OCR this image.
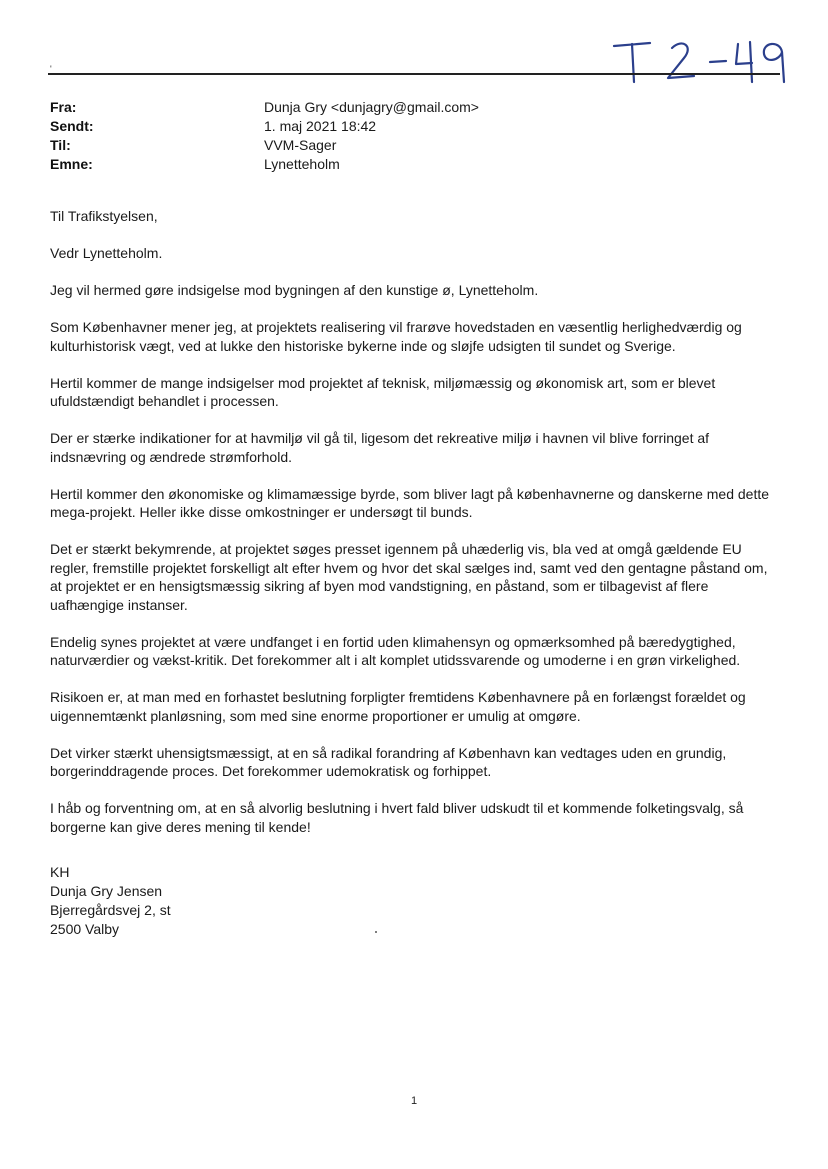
'
Fra:	Dunja Gry <dunjagry@gmail.com>
Sendt:	1. maj 2021 18:42
Til:	VVM-Sager
Emne:	Lynetteholm

Til Trafikstyelsen,

Vedr Lynetteholm.

Jeg vil hermed gøre indsigelse mod bygningen af den kunstige ø, Lynetteholm.

Som Københavner mener jeg, at projektets realisering vil frarøve hovedstaden en væsentlig herlighedværdig og kulturhistorisk vægt, ved at lukke den historiske bykerne inde og sløjfe udsigten til sundet og Sverige.

Hertil kommer de mange indsigelser mod projektet af teknisk, miljømæssig og økonomisk art, som er blevet ufuldstændigt behandlet i processen.

Der er stærke indikationer for at havmiljø vil gå til, ligesom det rekreative miljø i havnen vil blive forringet af indsnævring og ændrede strømforhold.

Hertil kommer den økonomiske og klimamæssige byrde, som bliver lagt på københavnerne og danskerne med dette mega-projekt. Heller ikke disse omkostninger er undersøgt til bunds.

Det er stærkt bekymrende, at projektet søges presset igennem på uhæderlig vis, bla ved at omgå gældende EU regler, fremstille projektet forskelligt alt efter hvem og hvor det skal sælges ind, samt ved den gentagne påstand om, at projektet er en hensigtsmæssig sikring af byen mod vandstigning, en påstand, som er tilbagevist af flere uafhængige instanser.

Endelig synes projektet at være undfanget i en fortid uden klimahensyn og opmærksomhed på bæredygtighed, naturværdier og vækst-kritik. Det forekommer alt i alt komplet utidssvarende og umoderne i en grøn virkelighed.

Risikoen er, at man med en forhastet beslutning forpligter fremtidens Københavnere på en forlængst forældet og uigennemtænkt planløsning, som med sine enorme proportioner er umulig at omgøre.

Det virker stærkt uhensigtsmæssigt, at en så radikal forandring af København kan vedtages uden en grundig, borgerinddragende proces. Det forekommer udemokratisk og forhippet.

I håb og forventning om, at en så alvorlig beslutning i hvert fald bliver udskudt til et kommende folketingsvalg, så borgerne kan give deres mening til kende!

KH
Dunja Gry Jensen
Bjerregårdsvej 2, st
2500 Valby
1
